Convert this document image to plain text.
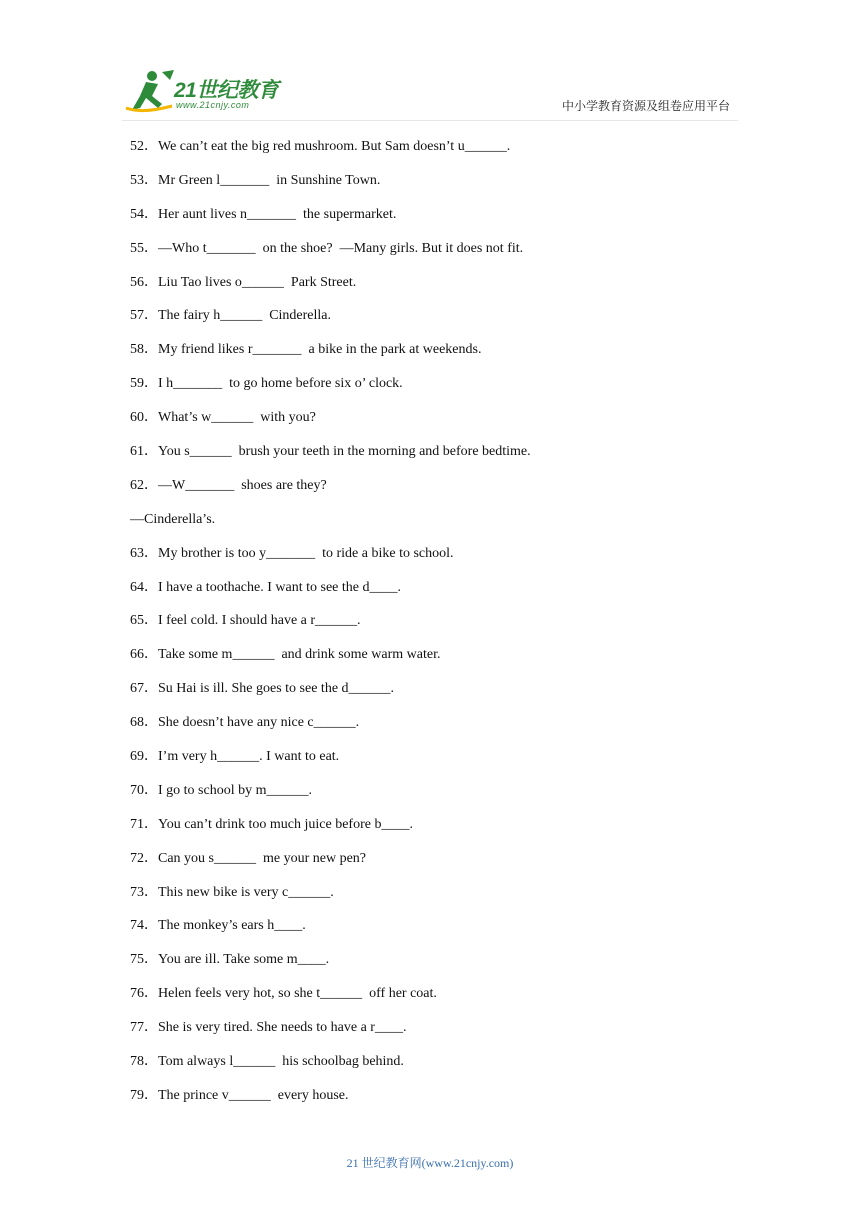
21世纪教育
www.21cnjy.com	中小学教育资源及组卷应用平台
52．We can’t eat the big red mushroom. But Sam doesn’t u______.
53．Mr Green l_______  in Sunshine Town.
54．Her aunt lives n_______  the supermarket.
55．—Who t_______  on the shoe?  —Many girls. But it does not fit.
56．Liu Tao lives o______  Park Street.
57．The fairy h______  Cinderella.
58．My friend likes r_______  a bike in the park at weekends.
59．I h_______  to go home before six o’ clock.
60．What’s w______  with you?
61．You s______  brush your teeth in the morning and before bedtime.
62．—W_______  shoes are they?
—Cinderella’s.
63．My brother is too y_______  to ride a bike to school.
64．I have a toothache. I want to see the d____.
65．I feel cold. I should have a r______.
66．Take some m______  and drink some warm water.
67．Su Hai is ill. She goes to see the d______.
68．She doesn’t have any nice c______.
69．I’m very h______. I want to eat.
70．I go to school by m______.
71．You can’t drink too much juice before b____.
72．Can you s______  me your new pen?
73．This new bike is very c______.
74．The monkey’s ears h____.
75．You are ill. Take some m____.
76．Helen feels very hot, so she t______  off her coat.
77．She is very tired. She needs to have a r____.
78．Tom always l______  his schoolbag behind.
79．The prince v______  every house.
21 世纪教育网(www.21cnjy.com)
